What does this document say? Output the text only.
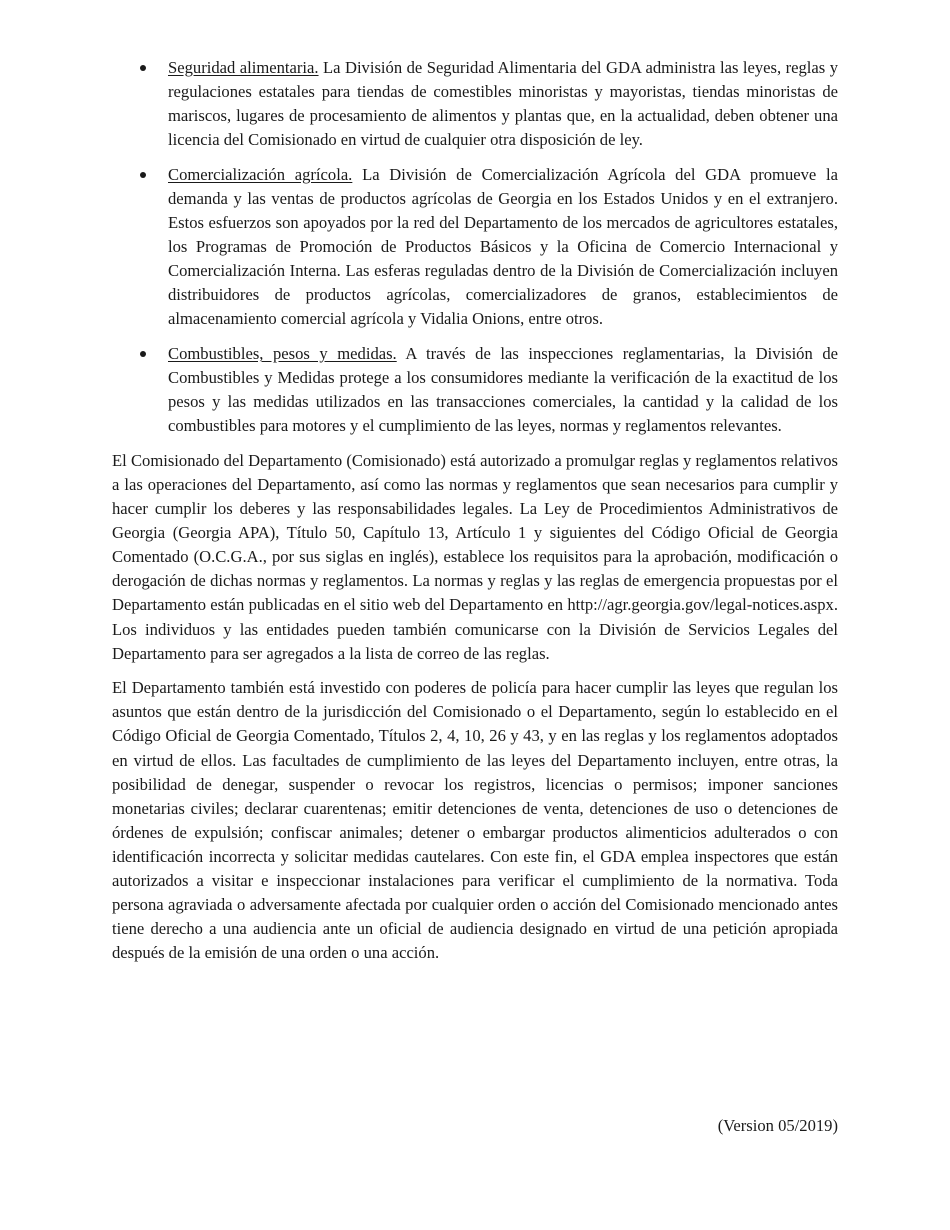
Seguridad alimentaria. La División de Seguridad Alimentaria del GDA administra las leyes, reglas y regulaciones estatales para tiendas de comestibles minoristas y mayoristas, tiendas minoristas de mariscos, lugares de procesamiento de alimentos y plantas que, en la actualidad, deben obtener una licencia del Comisionado en virtud de cualquier otra disposición de ley.
Comercialización agrícola. La División de Comercialización Agrícola del GDA promueve la demanda y las ventas de productos agrícolas de Georgia en los Estados Unidos y en el extranjero. Estos esfuerzos son apoyados por la red del Departamento de los mercados de agricultores estatales, los Programas de Promoción de Productos Básicos y la Oficina de Comercio Internacional y Comercialización Interna. Las esferas reguladas dentro de la División de Comercialización incluyen distribuidores de productos agrícolas, comercializadores de granos, establecimientos de almacenamiento comercial agrícola y Vidalia Onions, entre otros.
Combustibles, pesos y medidas. A través de las inspecciones reglamentarias, la División de Combustibles y Medidas protege a los consumidores mediante la verificación de la exactitud de los pesos y las medidas utilizados en las transacciones comerciales, la cantidad y la calidad de los combustibles para motores y el cumplimiento de las leyes, normas y reglamentos relevantes.

El Comisionado del Departamento (Comisionado) está autorizado a promulgar reglas y reglamentos relativos a las operaciones del Departamento, así como las normas y reglamentos que sean necesarios para cumplir y hacer cumplir los deberes y las responsabilidades legales. La Ley de Procedimientos Administrativos de Georgia (Georgia APA), Título 50, Capítulo 13, Artículo 1 y siguientes del Código Oficial de Georgia Comentado (O.C.G.A., por sus siglas en inglés), establece los requisitos para la aprobación, modificación o derogación de dichas normas y reglamentos. La normas y reglas y las reglas de emergencia propuestas por el Departamento están publicadas en el sitio web del Departamento en http://agr.georgia.gov/legal-notices.aspx. Los individuos y las entidades pueden también comunicarse con la División de Servicios Legales del Departamento para ser agregados a la lista de correo de las reglas.

El Departamento también está investido con poderes de policía para hacer cumplir las leyes que regulan los asuntos que están dentro de la jurisdicción del Comisionado o el Departamento, según lo establecido en el Código Oficial de Georgia Comentado, Títulos 2, 4, 10, 26 y 43, y en las reglas y los reglamentos adoptados en virtud de ellos. Las facultades de cumplimiento de las leyes del Departamento incluyen, entre otras, la posibilidad de denegar, suspender o revocar los registros, licencias o permisos; imponer sanciones monetarias civiles; declarar cuarentenas; emitir detenciones de venta, detenciones de uso o detenciones de órdenes de expulsión; confiscar animales; detener o embargar productos alimenticios adulterados o con identificación incorrecta y solicitar medidas cautelares. Con este fin, el GDA emplea inspectores que están autorizados a visitar e inspeccionar instalaciones para verificar el cumplimiento de la normativa. Toda persona agraviada o adversamente afectada por cualquier orden o acción del Comisionado mencionado antes tiene derecho a una audiencia ante un oficial de audiencia designado en virtud de una petición apropiada después de la emisión de una orden o una acción.

(Version 05/2019)
